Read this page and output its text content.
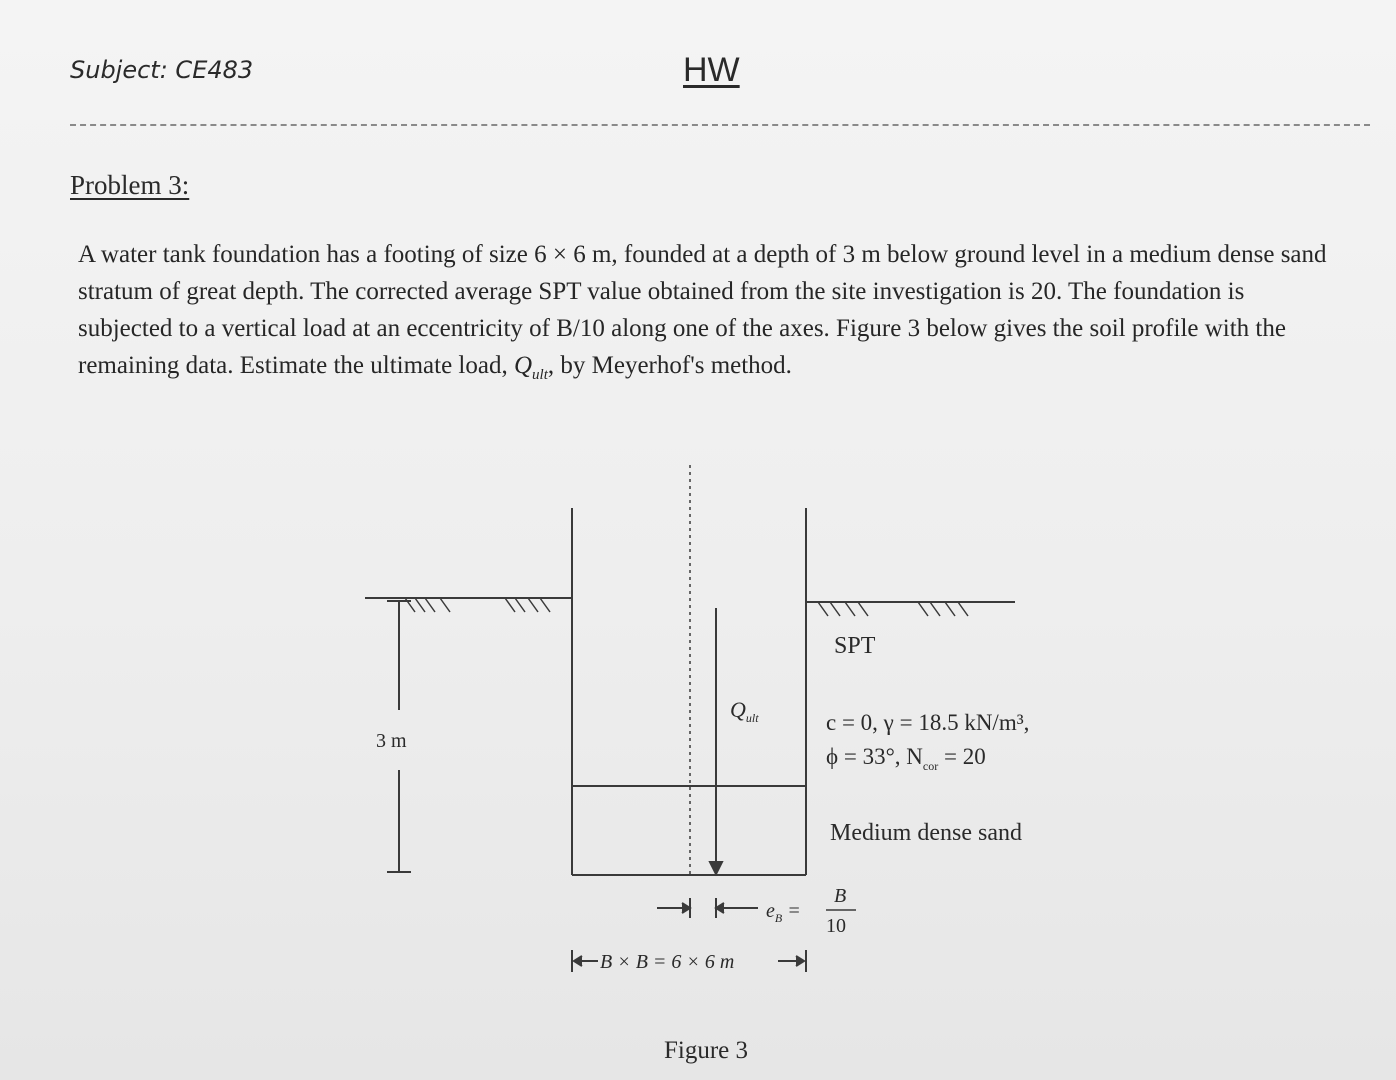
Subject: CE483	HW
Problem 3:

A water tank foundation has a footing of size 6 × 6 m, founded at a depth of 3 m below ground level in a medium dense sand stratum of great depth. The corrected average SPT value obtained from the site investigation is 20. The foundation is subjected to a vertical load at an eccentricity of B/10 along one of the axes. Figure 3 below gives the soil profile with the remaining data. Estimate the ultimate load, $Q_{ult}$, by Meyerhof's method.

3 m
SPT
$Q_{ult}$	c = 0, γ = 18.5 kN/m³,
ϕ = 33°, $N_{cor} = 20$
Medium dense sand
$e_B$ =
B
10
B × B = 6 × 6 m
Figure 3
